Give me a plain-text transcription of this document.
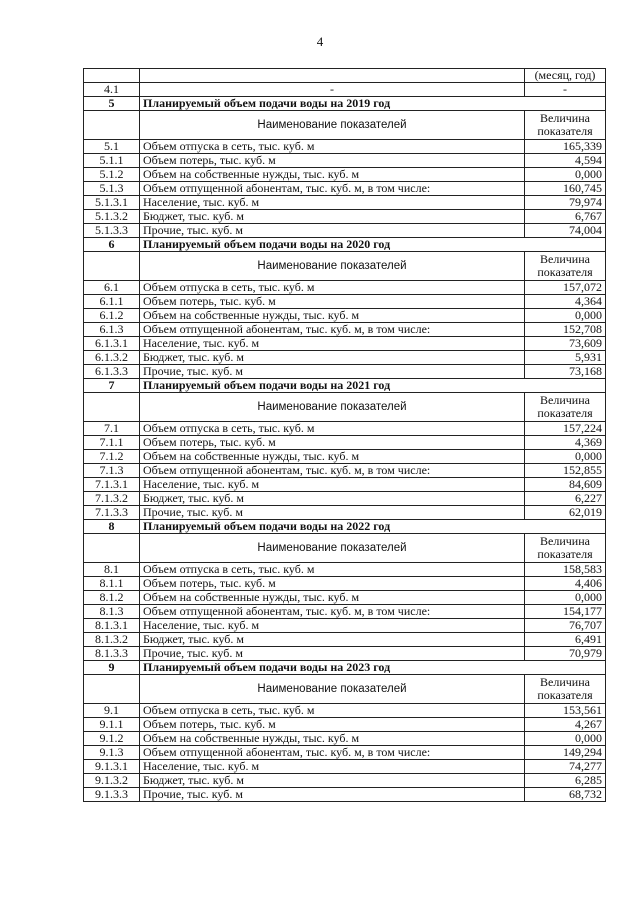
4
		(месяц, год)
4.1	-	-
5	Планируемый объем подачи воды на 2019 год	
	Наименование показателей	Величина
показателя

5.1	Объем отпуска в сеть, тыс. куб. м	165,339
5.1.1	Объем потерь, тыс. куб. м	4,594
5.1.2	Объем на собственные нужды, тыс. куб. м	0,000
5.1.3	Объем отпущенной абонентам, тыс. куб. м, в том числе:	160,745
5.1.3.1	Население, тыс. куб. м	79,974
5.1.3.2	Бюджет, тыс. куб. м	6,767
5.1.3.3	Прочие, тыс. куб. м	74,004
6	Планируемый объем подачи воды на 2020 год	
	Наименование показателей	Величина
показателя

6.1	Объем отпуска в сеть, тыс. куб. м	157,072
6.1.1	Объем потерь, тыс. куб. м	4,364
6.1.2	Объем на собственные нужды, тыс. куб. м	0,000
6.1.3	Объем отпущенной абонентам, тыс. куб. м, в том числе:	152,708
6.1.3.1	Население, тыс. куб. м	73,609
6.1.3.2	Бюджет, тыс. куб. м	5,931
6.1.3.3	Прочие, тыс. куб. м	73,168
7	Планируемый объем подачи воды на 2021 год	
	Наименование показателей	Величина
показателя

7.1	Объем отпуска в сеть, тыс. куб. м	157,224
7.1.1	Объем потерь, тыс. куб. м	4,369
7.1.2	Объем на собственные нужды, тыс. куб. м	0,000
7.1.3	Объем отпущенной абонентам, тыс. куб. м, в том числе:	152,855
7.1.3.1	Население, тыс. куб. м	84,609
7.1.3.2	Бюджет, тыс. куб. м	6,227
7.1.3.3	Прочие, тыс. куб. м	62,019
8	Планируемый объем подачи воды на 2022 год	
	Наименование показателей	Величина
показателя

8.1	Объем отпуска в сеть, тыс. куб. м	158,583
8.1.1	Объем потерь, тыс. куб. м	4,406
8.1.2	Объем на собственные нужды, тыс. куб. м	0,000
8.1.3	Объем отпущенной абонентам, тыс. куб. м, в том числе:	154,177
8.1.3.1	Население, тыс. куб. м	76,707
8.1.3.2	Бюджет, тыс. куб. м	6,491
8.1.3.3	Прочие, тыс. куб. м	70,979
9	Планируемый объем подачи воды на 2023 год	
	Наименование показателей	Величина
показателя

9.1	Объем отпуска в сеть, тыс. куб. м	153,561
9.1.1	Объем потерь, тыс. куб. м	4,267
9.1.2	Объем на собственные нужды, тыс. куб. м	0,000
9.1.3	Объем отпущенной абонентам, тыс. куб. м, в том числе:	149,294
9.1.3.1	Население, тыс. куб. м	74,277
9.1.3.2	Бюджет, тыс. куб. м	6,285
9.1.3.3	Прочие, тыс. куб. м	68,732
